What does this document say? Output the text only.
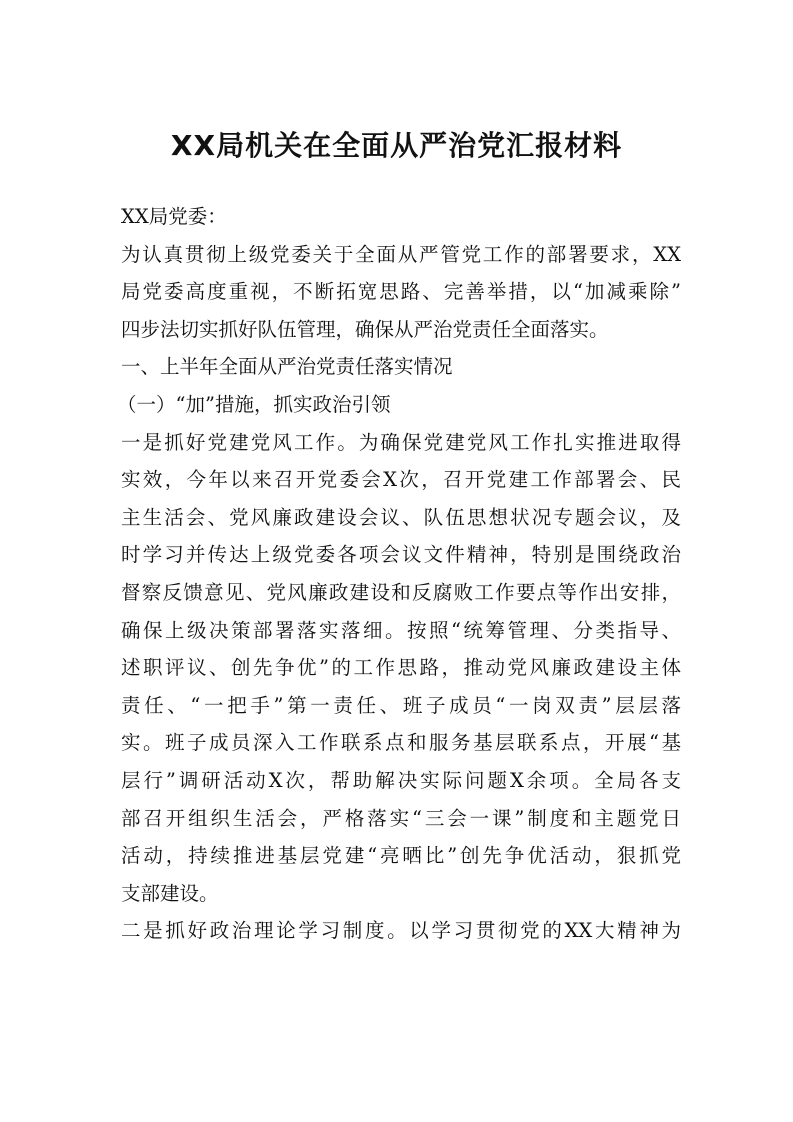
XX局机关在全面从严治党汇报材料
XX局党委：
为认真贯彻上级党委关于全面从严管党工作的部署要求，XX
局党委高度重视，不断拓宽思路、完善举措，以“加减乘除”
四步法切实抓好队伍管理，确保从严治党责任全面落实。
一、上半年全面从严治党责任落实情况
（一）“加”措施，抓实政治引领
一是抓好党建党风工作。为确保党建党风工作扎实推进取得
实效，今年以来召开党委会X次，召开党建工作部署会、民
主生活会、党风廉政建设会议、队伍思想状况专题会议，及
时学习并传达上级党委各项会议文件精神，特别是围绕政治
督察反馈意见、党风廉政建设和反腐败工作要点等作出安排，
确保上级决策部署落实落细。按照“统筹管理、分类指导、
述职评议、创先争优”的工作思路，推动党风廉政建设主体
责任、“一把手”第一责任、班子成员“一岗双责”层层落
实。班子成员深入工作联系点和服务基层联系点，开展“基
层行”调研活动X次，帮助解决实际问题X余项。全局各支
部召开组织生活会，严格落实“三会一课”制度和主题党日
活动，持续推进基层党建“亮晒比”创先争优活动，狠抓党
支部建设。
二是抓好政治理论学习制度。以学习贯彻党的XX大精神为
